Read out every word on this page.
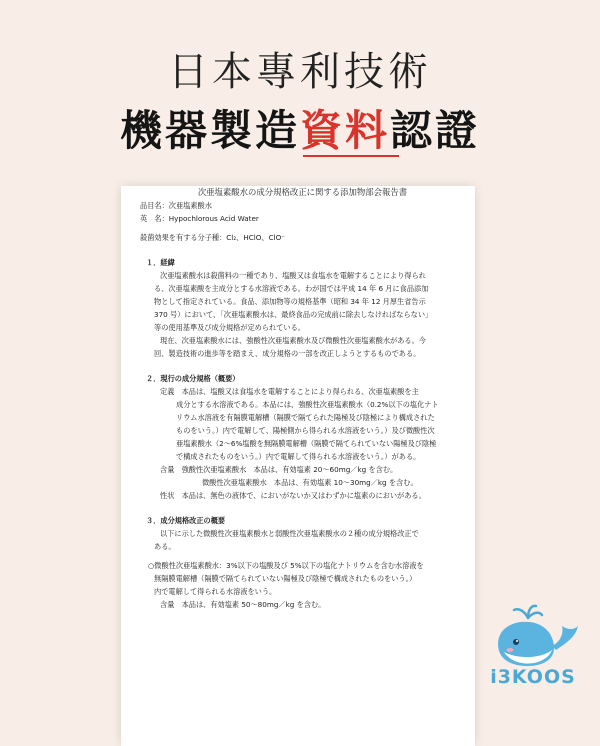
日本專利技術
機器製造資料認證

次亜塩素酸水の成分規格改正に関する添加物部会報告書

品目名：次亜塩素酸水

英　名：Hypochlorous Acid Water

殺菌効果を有する分子種：Cl₂、HClO、ClO⁻

１．経緯

次亜塩素酸水は殺菌料の一種であり、塩酸又は食塩水を電解することにより得られ

る、次亜塩素酸を主成分とする水溶液である。わが国では平成 14 年 6 月に食品添加

物として指定されている。食品、添加物等の規格基準（昭和 34 年 12 月厚生省告示

370 号）において、「次亜塩素酸水は、最終食品の完成前に除去しなければならない」

等の使用基準及び成分規格が定められている。

現在、次亜塩素酸水には、強酸性次亜塩素酸水及び微酸性次亜塩素酸水がある。今

回、製造技術の進歩等を踏まえ、成分規格の一部を改正しようとするものである。

２．現行の成分規格（概要）

定義　本品は、塩酸又は食塩水を電解することにより得られる、次亜塩素酸を主

成分とする水溶液である。本品には、強酸性次亜塩素酸水（0.2%以下の塩化ナト

リウム水溶液を有隔膜電解槽（隔膜で隔てられた陽極及び陰極により構成された

ものをいう。）内で電解して、陽極側から得られる水溶液をいう。）及び微酸性次

亜塩素酸水（2〜6%塩酸を無隔膜電解槽（隔膜で隔てられていない陽極及び陰極

で構成されたものをいう。）内で電解して得られる水溶液をいう。）がある。

含量　強酸性次亜塩素酸水　本品は、有効塩素 20〜60mg／kg を含む。

微酸性次亜塩素酸水　本品は、有効塩素 10〜30mg／kg を含む。

性状　本品は、無色の液体で、においがないか又はわずかに塩素のにおいがある。

３．成分規格改正の概要

以下に示した微酸性次亜塩素酸水と弱酸性次亜塩素酸水の２種の成分規格改正で

ある。

○微酸性次亜塩素酸水：3%以下の塩酸及び 5%以下の塩化ナトリウムを含む水溶液を

無隔膜電解槽（隔膜で隔てられていない陽極及び陰極で構成されたものをいう。）

内で電解して得られる水溶液をいう。

含量　本品は、有効塩素 50〜80mg／kg を含む。

i3KOOS
